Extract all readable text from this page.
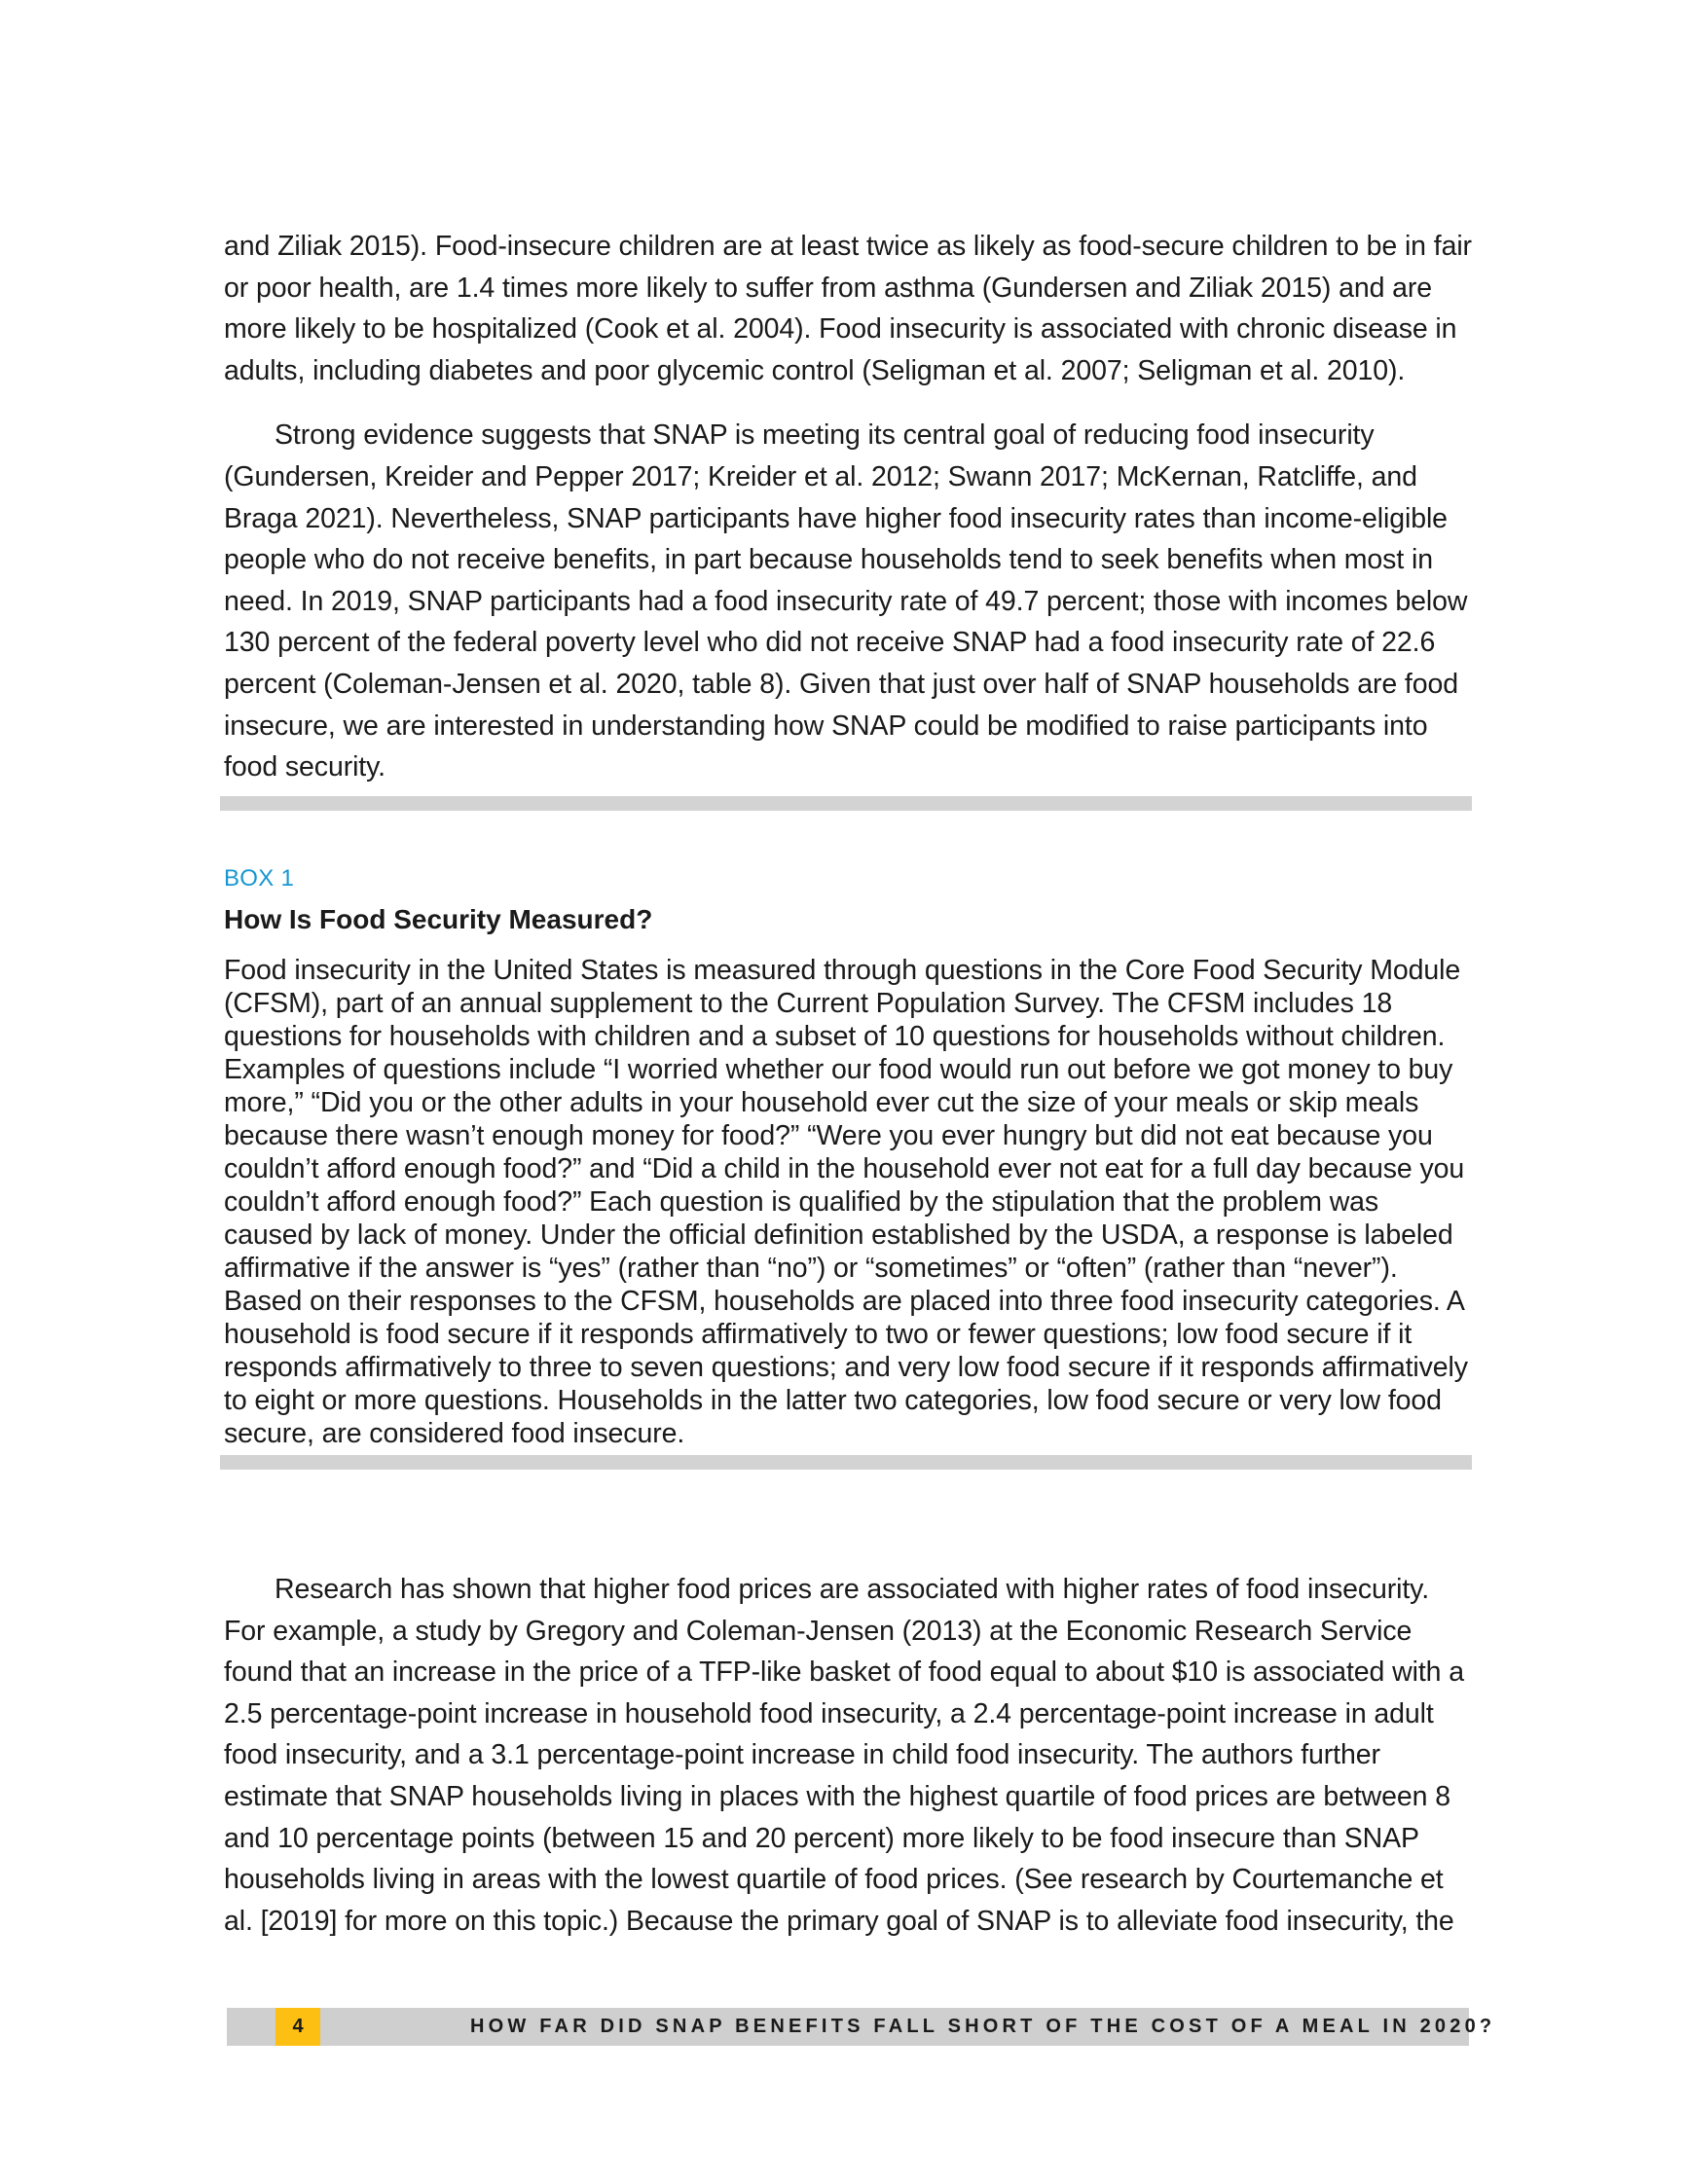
and Ziliak 2015). Food-insecure children are at least twice as likely as food-secure children to be in fair or poor health, are 1.4 times more likely to suffer from asthma (Gundersen and Ziliak 2015) and are more likely to be hospitalized (Cook et al. 2004). Food insecurity is associated with chronic disease in adults, including diabetes and poor glycemic control (Seligman et al. 2007; Seligman et al. 2010).

Strong evidence suggests that SNAP is meeting its central goal of reducing food insecurity (Gundersen, Kreider and Pepper 2017; Kreider et al. 2012; Swann 2017; McKernan, Ratcliffe, and Braga 2021). Nevertheless, SNAP participants have higher food insecurity rates than income-eligible people who do not receive benefits, in part because households tend to seek benefits when most in need. In 2019, SNAP participants had a food insecurity rate of 49.7 percent; those with incomes below 130 percent of the federal poverty level who did not receive SNAP had a food insecurity rate of 22.6 percent (Coleman-Jensen et al. 2020, table 8). Given that just over half of SNAP households are food insecure, we are interested in understanding how SNAP could be modified to raise participants into food security.

BOX 1
How Is Food Security Measured?

Food insecurity in the United States is measured through questions in the Core Food Security Module (CFSM), part of an annual supplement to the Current Population Survey. The CFSM includes 18 questions for households with children and a subset of 10 questions for households without children. Examples of questions include “I worried whether our food would run out before we got money to buy more,” “Did you or the other adults in your household ever cut the size of your meals or skip meals because there wasn’t enough money for food?” “Were you ever hungry but did not eat because you couldn’t afford enough food?” and “Did a child in the household ever not eat for a full day because you couldn’t afford enough food?” Each question is qualified by the stipulation that the problem was caused by lack of money. Under the official definition established by the USDA, a response is labeled affirmative if the answer is “yes” (rather than “no”) or “sometimes” or “often” (rather than “never”). Based on their responses to the CFSM, households are placed into three food insecurity categories. A household is food secure if it responds affirmatively to two or fewer questions; low food secure if it responds affirmatively to three to seven questions; and very low food secure if it responds affirmatively to eight or more questions. Households in the latter two categories, low food secure or very low food secure, are considered food insecure.

Research has shown that higher food prices are associated with higher rates of food insecurity. For example, a study by Gregory and Coleman-Jensen (2013) at the Economic Research Service found that an increase in the price of a TFP-like basket of food equal to about $10 is associated with a 2.5 percentage-point increase in household food insecurity, a 2.4 percentage-point increase in adult food insecurity, and a 3.1 percentage-point increase in child food insecurity. The authors further estimate that SNAP households living in places with the highest quartile of food prices are between 8 and 10 percentage points (between 15 and 20 percent) more likely to be food insecure than SNAP households living in areas with the lowest quartile of food prices. (See research by Courtemanche et al. [2019] for more on this topic.) Because the primary goal of SNAP is to alleviate food insecurity, the

4	HOW FAR DID SNAP BENEFITS FALL SHORT OF THE COST OF A MEAL IN 2020?
